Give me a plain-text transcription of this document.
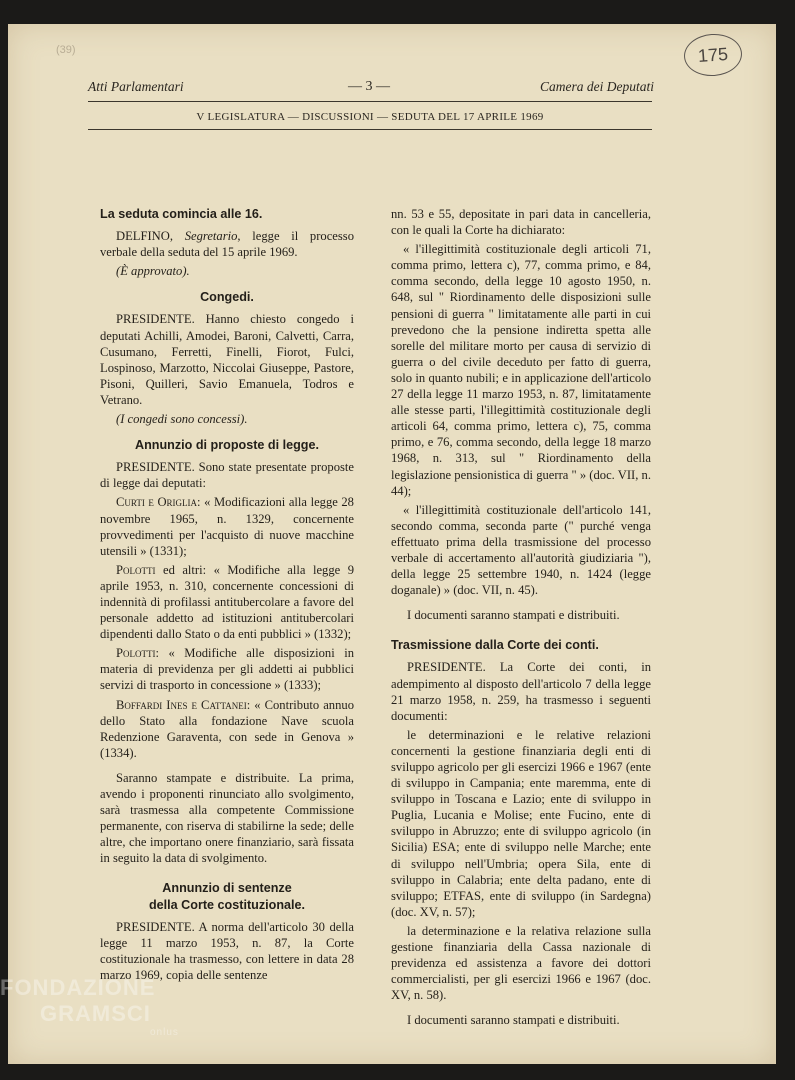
(39)	175
Atti Parlamentari	— 3 —	Camera dei Deputati
V LEGISLATURA — DISCUSSIONI — SEDUTA DEL 17 APRILE 1969

La seduta comincia alle 16.

DELFINO, Segretario, legge il processo verbale della seduta del 15 aprile 1969.

(È approvato).

Congedi.

PRESIDENTE. Hanno chiesto congedo i deputati Achilli, Amodei, Baroni, Calvetti, Carra, Cusumano, Ferretti, Finelli, Fiorot, Fulci, Lospinoso, Marzotto, Niccolai Giuseppe, Pastore, Pisoni, Quilleri, Savio Emanuela, Todros e Vetrano.

(I congedi sono concessi).

Annunzio di proposte di legge.

PRESIDENTE. Sono state presentate proposte di legge dai deputati:

Curti e Origlia: « Modificazioni alla legge 28 novembre 1965, n. 1329, concernente provvedimenti per l'acquisto di nuove macchine utensili » (1331);

Polotti ed altri: « Modifiche alla legge 9 aprile 1953, n. 310, concernente concessioni di indennità di profilassi antitubercolare a favore del personale addetto ad istituzioni antitubercolari dipendenti dallo Stato o da enti pubblici » (1332);

Polotti: « Modifiche alle disposizioni in materia di previdenza per gli addetti ai pubblici servizi di trasporto in concessione » (1333);

Boffardi Ines e Cattanei: « Contributo annuo dello Stato alla fondazione Nave scuola Redenzione Garaventa, con sede in Genova » (1334).

Saranno stampate e distribuite. La prima, avendo i proponenti rinunciato allo svolgimento, sarà trasmessa alla competente Commissione permanente, con riserva di stabilirne la sede; delle altre, che importano onere finanziario, sarà fissata in seguito la data di svolgimento.

Annunzio di sentenze

della Corte costituzionale.

PRESIDENTE. A norma dell'articolo 30 della legge 11 marzo 1953, n. 87, la Corte costituzionale ha trasmesso, con lettere in data 28 marzo 1969, copia delle sentenze

nn. 53 e 55, depositate in pari data in cancelleria, con le quali la Corte ha dichiarato:

« l'illegittimità costituzionale degli articoli 71, comma primo, lettera c), 77, comma primo, e 84, comma secondo, della legge 10 agosto 1950, n. 648, sul " Riordinamento delle disposizioni sulle pensioni di guerra " limitatamente alle parti in cui prevedono che la pensione indiretta spetta alle sorelle del militare morto per causa di servizio di guerra o del civile deceduto per fatto di guerra, solo in quanto nubili; e in applicazione dell'articolo 27 della legge 11 marzo 1953, n. 87, limitatamente alle stesse parti, l'illegittimità costituzionale degli articoli 64, comma primo, lettera c), 75, comma primo, e 76, comma secondo, della legge 18 marzo 1968, n. 313, sul " Riordinamento della legislazione pensionistica di guerra " » (doc. VII, n. 44);

« l'illegittimità costituzionale dell'articolo 141, secondo comma, seconda parte (" purché venga effettuato prima della trasmissione del processo verbale di accertamento all'autorità giudiziaria "), della legge 25 settembre 1940, n. 1424 (legge doganale) » (doc. VII, n. 45).

I documenti saranno stampati e distribuiti.

Trasmissione dalla Corte dei conti.

PRESIDENTE. La Corte dei conti, in adempimento al disposto dell'articolo 7 della legge 21 marzo 1958, n. 259, ha trasmesso i seguenti documenti:

le determinazioni e le relative relazioni concernenti la gestione finanziaria degli enti di sviluppo agricolo per gli esercizi 1966 e 1967 (ente di sviluppo in Campania; ente maremma, ente di sviluppo in Toscana e Lazio; ente di sviluppo in Puglia, Lucania e Molise; ente Fucino, ente di sviluppo in Abruzzo; ente di sviluppo agricolo (in Sicilia) ESA; ente di sviluppo nelle Marche; ente di sviluppo nell'Umbria; opera Sila, ente di sviluppo in Calabria; ente delta padano, ente di sviluppo; ETFAS, ente di sviluppo (in Sardegna) (doc. XV, n. 57);

la determinazione e la relativa relazione sulla gestione finanziaria della Cassa nazionale di previdenza ed assistenza a favore dei dottori commercialisti, per gli esercizi 1966 e 1967 (doc. XV, n. 58).

I documenti saranno stampati e distribuiti.

FONDAZIONE
GRAMSCI
onlus
